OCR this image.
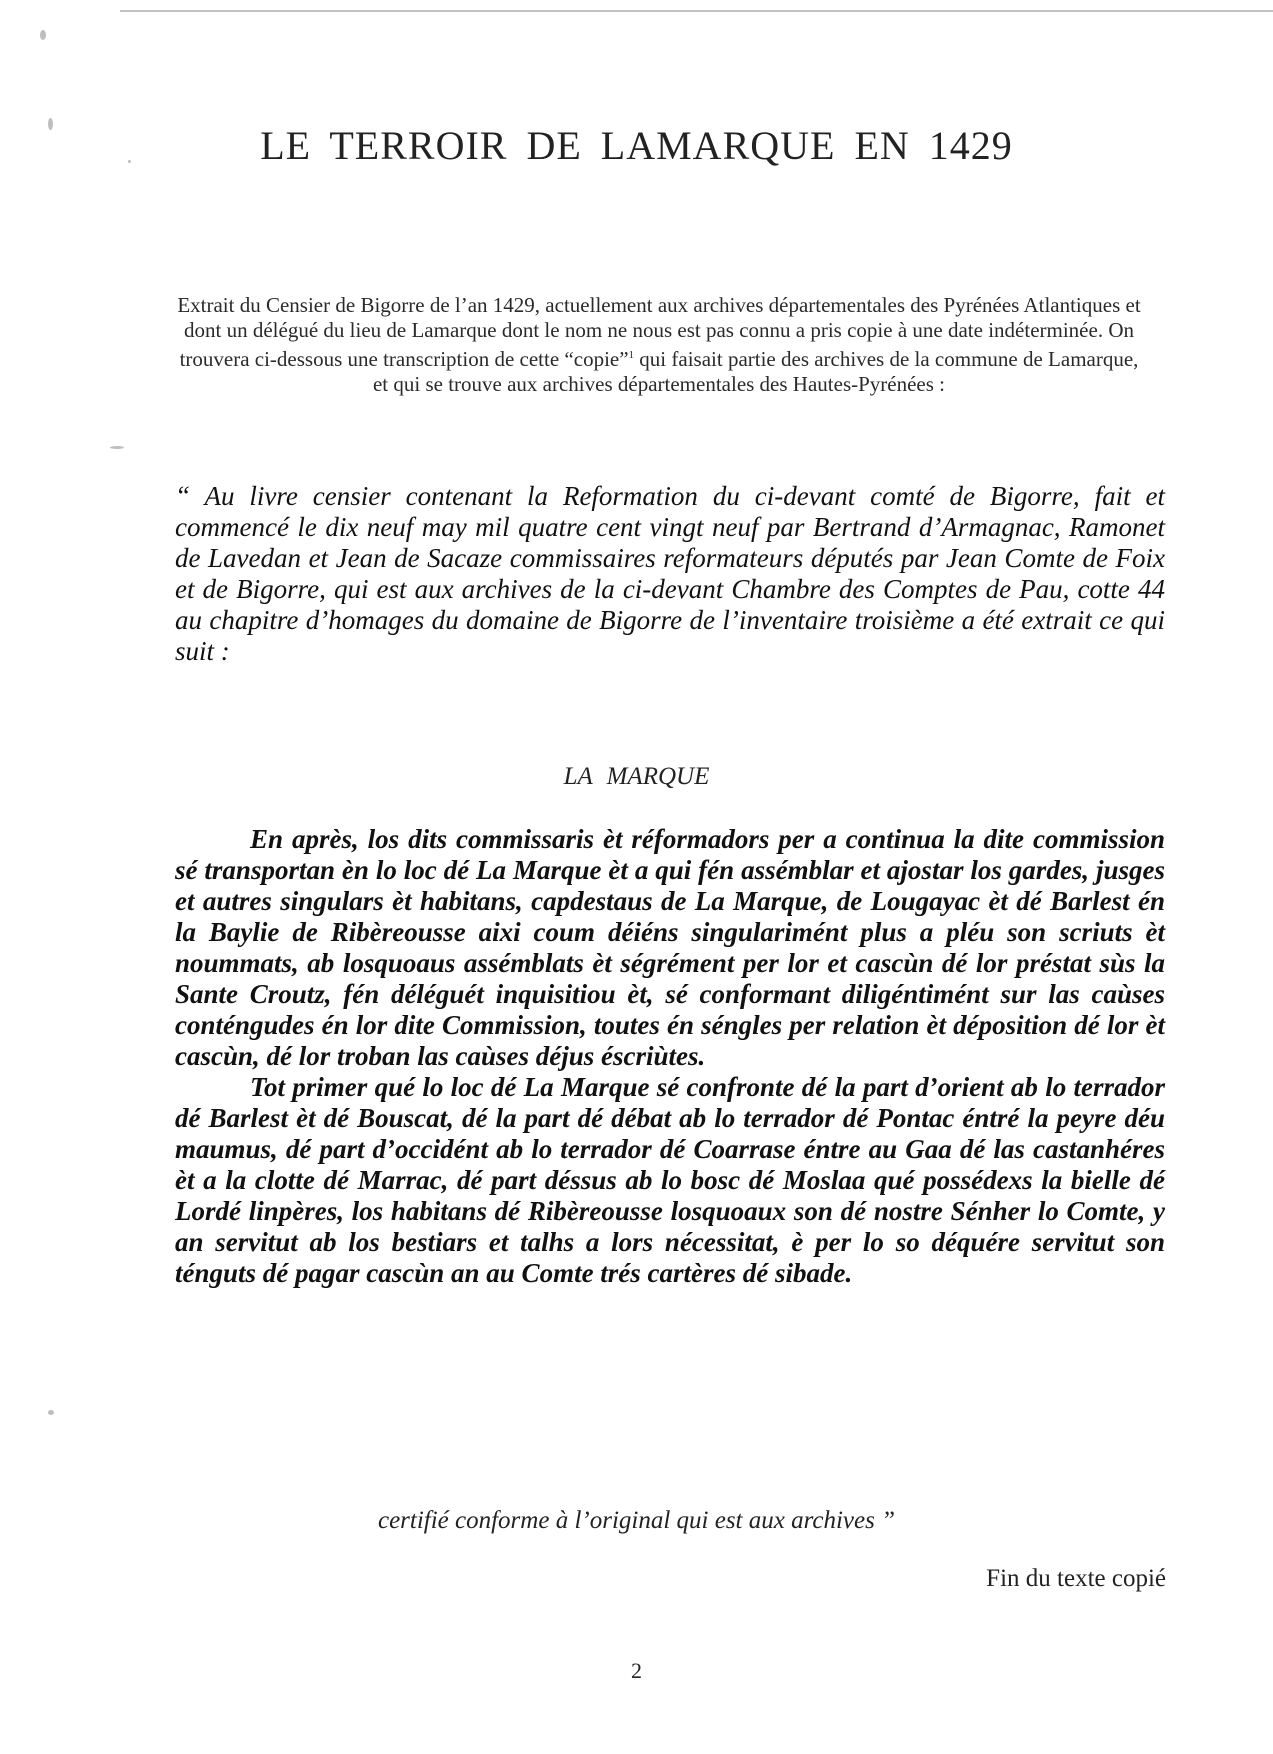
LE TERROIR DE LAMARQUE EN 1429
Extrait du Censier de Bigorre de l’an 1429, actuellement aux archives départementales des Pyrénées Atlantiques et dont un délégué du lieu de Lamarque dont le nom ne nous est pas connu a pris copie à une date indéterminée. On trouvera ci-dessous une transcription de cette “copie”$^1$ qui faisait partie des archives de la commune de Lamarque, et qui se trouve aux archives départementales des Hautes-Pyrénées :
“ Au livre censier contenant la Reformation du ci-devant comté de Bigorre, fait et commencé le dix neuf may mil quatre cent vingt neuf par Bertrand d’Armagnac, Ramonet de Lavedan et Jean de Sacaze commissaires reformateurs députés par Jean Comte de Foix et de Bigorre, qui est aux archives de la ci-devant Chambre des Comptes de Pau, cotte 44 au chapitre d’homages du domaine de Bigorre de l’inventaire troisième a été extrait ce qui suit :
LA MARQUE

En après, los dits commissaris èt réformadors per a continua la dite commission sé transportan èn lo loc dé La Marque èt a qui fén assémblar et ajostar los gardes, jusges et autres singulars èt habitans, capdestaus de La Marque, de Lougayac èt dé Barlest én la Baylie de Ribèreousse aixi coum déiéns singularimént plus a pléu son scriuts èt noummats, ab losquoaus assémblats èt ségrément per lor et cascùn dé lor préstat sùs la Sante Croutz, fén déléguét inquisitiou èt, sé conformant diligéntimént sur las caùses conténgudes én lor dite Commission, toutes én séngles per relation èt déposition dé lor èt cascùn, dé lor troban las caùses déjus éscriùtes.

Tot primer qué lo loc dé La Marque sé confronte dé la part d’orient ab lo terrador dé Barlest èt dé Bouscat, dé la part dé débat ab lo terrador dé Pontac éntré la peyre déu maumus, dé part d’occidént ab lo terrador dé Coarrase éntre au Gaa dé las castanhéres èt a la clotte dé Marrac, dé part déssus ab lo bosc dé Moslaa qué possédexs la bielle dé Lordé linpères, los habitans dé Ribèreousse losquoaux son dé nostre Sénher lo Comte, y an servitut ab los bestiars et talhs a lors nécessitat, è per lo so déquére servitut son ténguts dé pagar cascùn an au Comte trés cartères dé sibade.

certifié conforme à l’original qui est aux archives ”
Fin du texte copié
2
